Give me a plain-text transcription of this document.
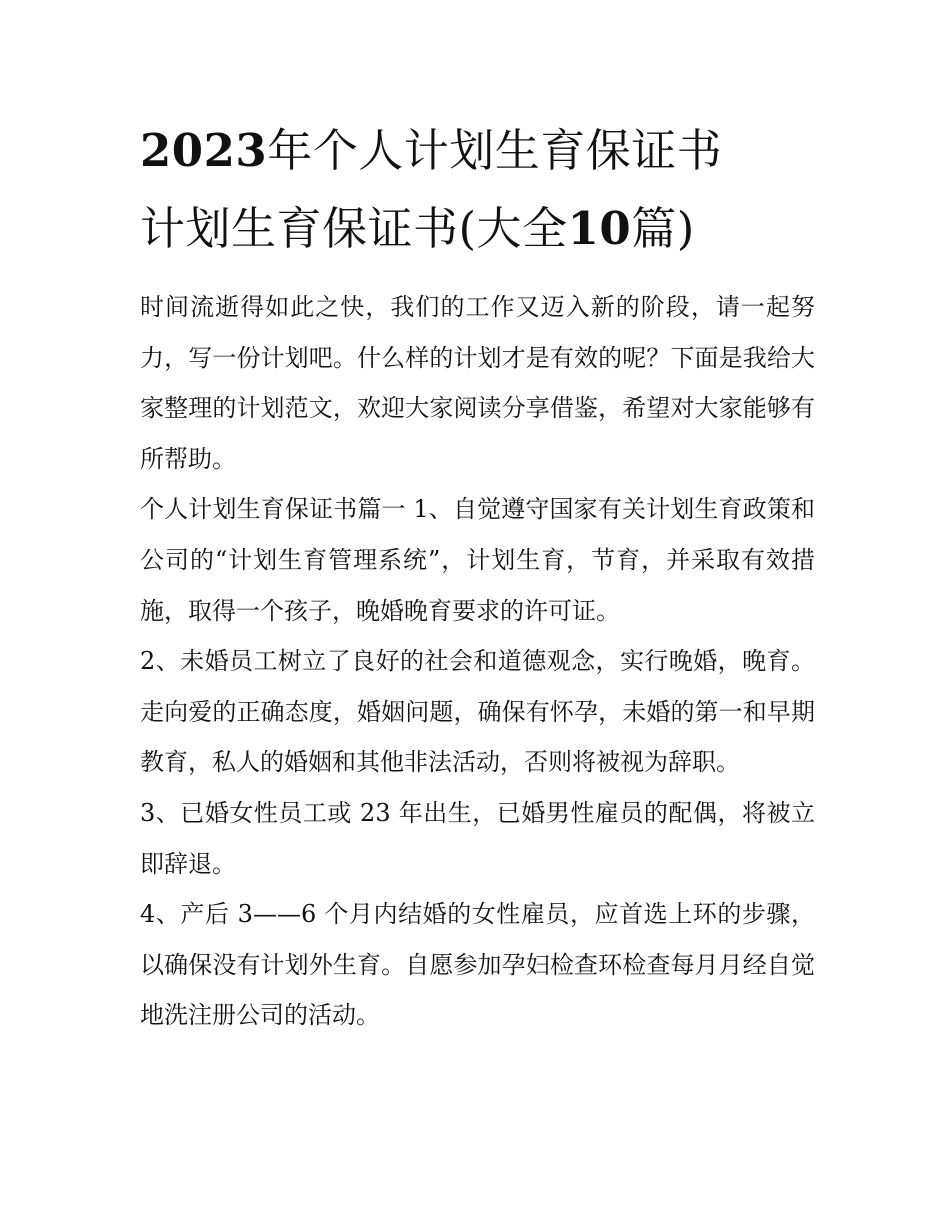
2023年个人计划生育保证书
计划生育保证书(大全10篇)

时间流逝得如此之快，我们的工作又迈入新的阶段，请一起努力，写一份计划吧。什么样的计划才是有效的呢？下面是我给大家整理的计划范文，欢迎大家阅读分享借鉴，希望对大家能够有所帮助。

个人计划生育保证书篇一 1、自觉遵守国家有关计划生育政策和公司的“计划生育管理系统”，计划生育，节育，并采取有效措施，取得一个孩子，晚婚晚育要求的许可证。

2、未婚员工树立了良好的社会和道德观念，实行晚婚，晚育。走向爱的正确态度，婚姻问题，确保有怀孕，未婚的第一和早期教育，私人的婚姻和其他非法活动，否则将被视为辞职。

3、已婚女性员工或 23 年出生，已婚男性雇员的配偶，将被立即辞退。

4、产后 3——6 个月内结婚的女性雇员，应首选上环的步骤，以确保没有计划外生育。自愿参加孕妇检查环检查每月月经自觉地洗注册公司的活动。
